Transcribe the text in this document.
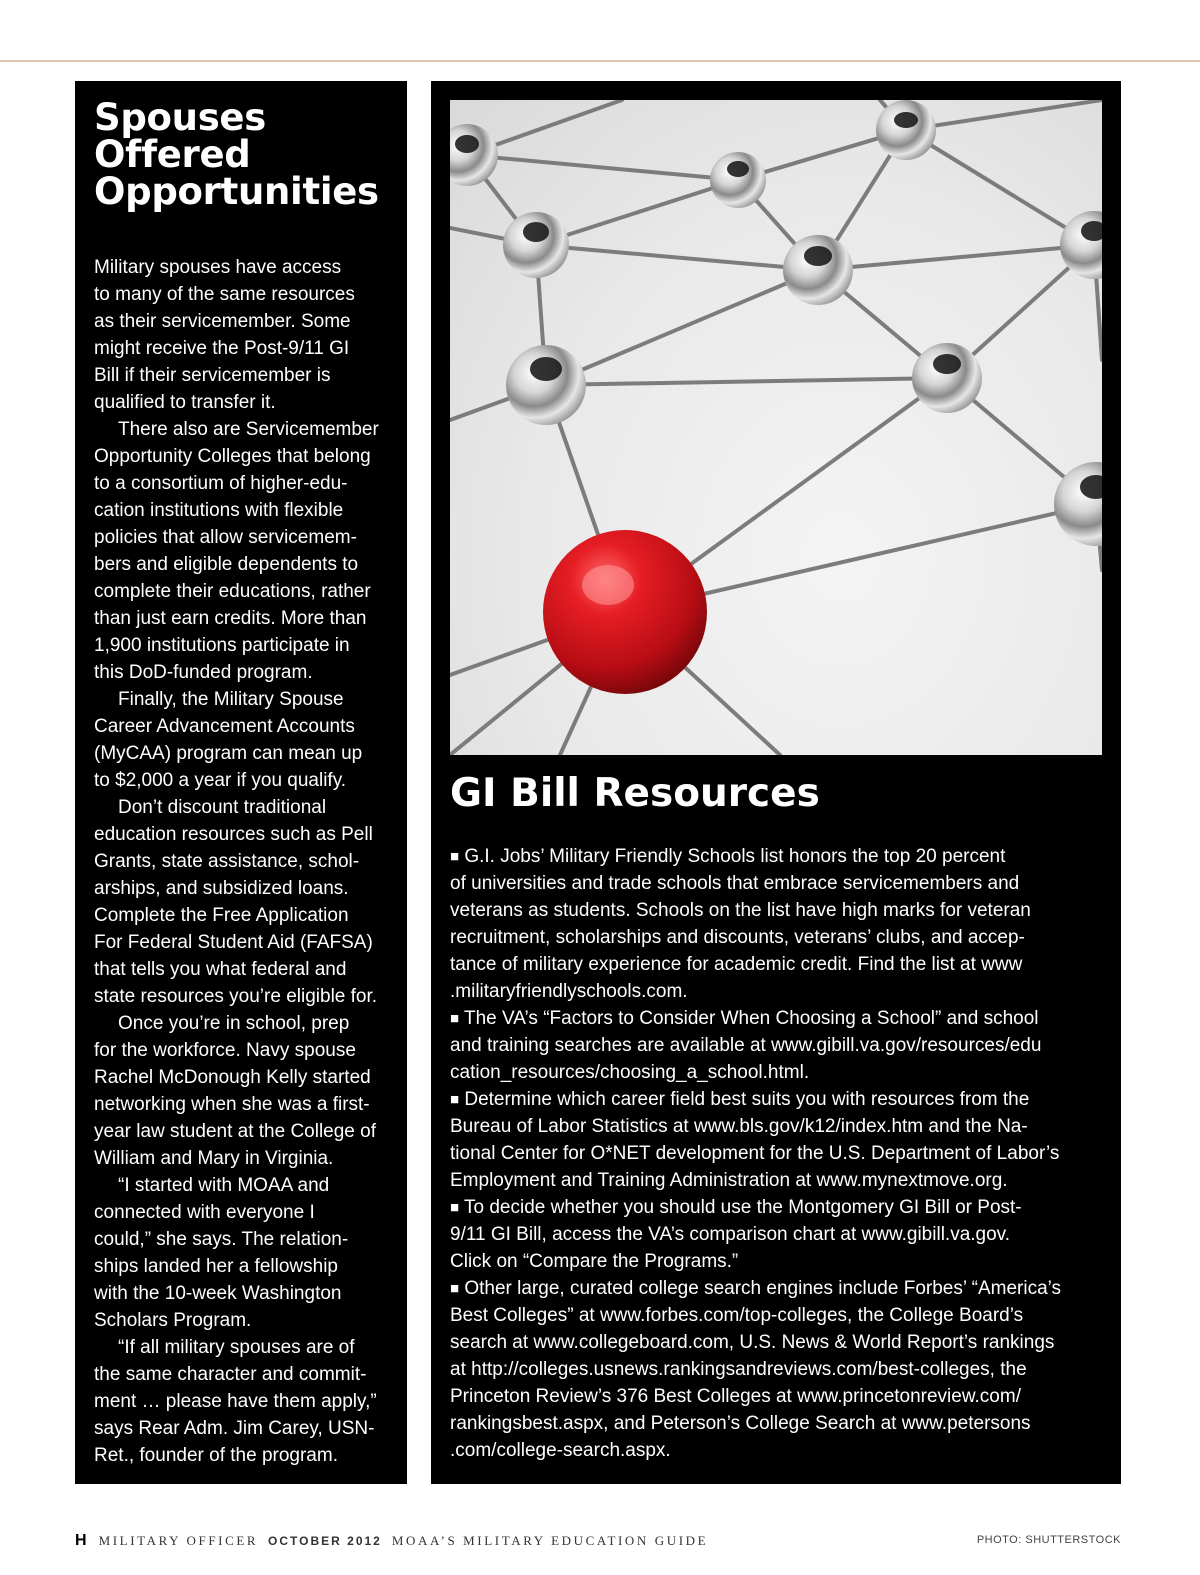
Spouses
Offered
Opportunities

Military spouses have access
to many of the same resources
as their servicemember. Some
might receive the Post-9/11 GI
Bill if their servicemember is
qualified to transfer it.

There also are Servicemember
Opportunity Colleges that belong
to a consortium of higher-edu-
cation institutions with flexible
policies that allow servicemem-
bers and eligible dependents to
complete their educations, rather
than just earn credits. More than
1,900 institutions participate in
this DoD-funded program.

Finally, the Military Spouse
Career Advancement Accounts
(MyCAA) program can mean up
to $2,000 a year if you qualify.

Don’t discount traditional
education resources such as Pell
Grants, state assistance, schol-
arships, and subsidized loans.
Complete the Free Application
For Federal Student Aid (FAFSA)
that tells you what federal and
state resources you’re eligible for.

Once you’re in school, prep
for the workforce. Navy spouse
Rachel McDonough Kelly started
networking when she was a first-
year law student at the College of
William and Mary in Virginia.

“I started with MOAA and
connected with everyone I
could,” she says. The relation-
ships landed her a fellowship
with the 10-week Washington
Scholars Program.

“If all military spouses are of
the same character and commit-
ment … please have them apply,”
says Rear Adm. Jim Carey, USN-
Ret., founder of the program.

GI Bill Resources
■ G.I. Jobs’ Military Friendly Schools list honors the top 20 percent
of universities and trade schools that embrace servicemembers and
veterans as students. Schools on the list have high marks for veteran
recruitment, scholarships and discounts, veterans’ clubs, and accep-
tance of military experience for academic credit. Find the list at www
.militaryfriendlyschools.com.
■ The VA’s “Factors to Consider When Choosing a School” and school
and training searches are available at www.gibill.va.gov/resources/edu
cation_resources/choosing_a_school.html.
■ Determine which career field best suits you with resources from the
Bureau of Labor Statistics at www.bls.gov/k12/index.htm and the Na-
tional Center for O*NET development for the U.S. Department of Labor’s
Employment and Training Administration at www.mynextmove.org.
■ To decide whether you should use the Montgomery GI Bill or Post-
9/11 GI Bill, access the VA’s comparison chart at www.gibill.va.gov.
Click on “Compare the Programs.”
■ Other large, curated college search engines include Forbes’ “America’s
Best Colleges” at www.forbes.com/top-colleges, the College Board’s
search at www.collegeboard.com, U.S. News & World Report’s rankings
at http://colleges.usnews.rankingsandreviews.com/best-colleges, the
Princeton Review’s 376 Best Colleges at www.princetonreview.com/
rankingsbest.aspx, and Peterson’s College Search at www.petersons
.com/college-search.aspx.
H MILITARY OFFICER OCTOBER 2012 MOAA’S MILITARY EDUCATION GUIDE	PHOTO: SHUTTERSTOCK
